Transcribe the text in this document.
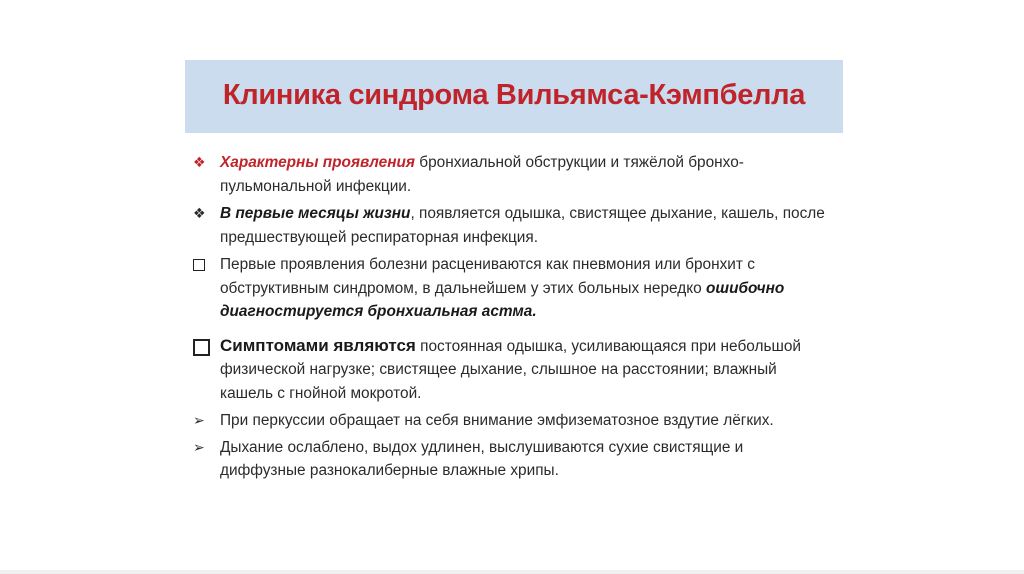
Клиника синдрома Вильямса-Кэмпбелла
❖ Характерны проявления бронхиальной обструкции и тяжёлой бронхо-пульмональной инфекции.
❖ В первые месяцы жизни, появляется одышка, свистящее дыхание, кашель, после предшествующей респираторная инфекция.
Первые проявления болезни расцениваются как пневмония или бронхит с обструктивным синдромом, в дальнейшем у этих больных нередко ошибочно диагностируется бронхиальная астма.
Симптомами являются постоянная одышка, усиливающаяся при небольшой физической нагрузке; свистящее дыхание, слышное на расстоянии; влажный кашель с гнойной мокротой.
➢ При перкуссии обращает на себя внимание эмфизематозное вздутие лёгких.
➢ Дыхание ослаблено, выдох удлинен, выслушиваются сухие свистящие и диффузные разнокалиберные влажные хрипы.
